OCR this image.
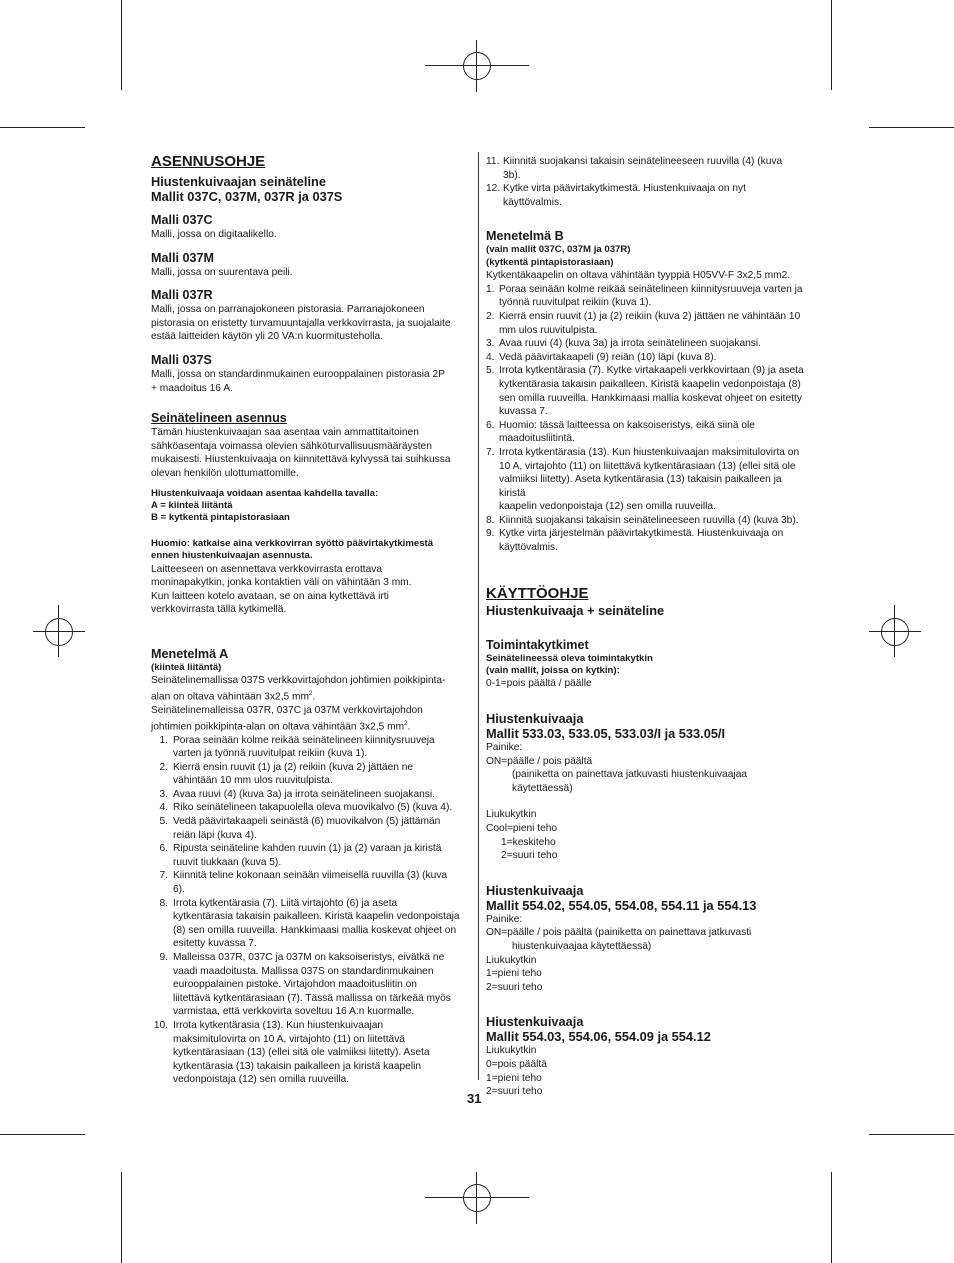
ASENNUSOHJE
Hiustenkuivaajan seinäteline
Mallit 037C, 037M, 037R ja 037S
Malli 037C
Malli, jossa on digitaalikello.
Malli 037M
Malli, jossa on suurentava peili.
Malli 037R
Malli, jossa on parranajokoneen pistorasia. Parranajokoneen
pistorasia on eristetty turvamuuntajalla verkkovirrasta, ja suojalaite
estää laitteiden käytön yli 20 VA:n kuormitusteholla.
Malli 037S
Malli, jossa on standardinmukainen eurooppalainen pistorasia 2P
+ maadoitus 16 A.
Seinätelineen asennus
Tämän hiustenkuivaajan saa asentaa vain ammattitaitoinen
sähköasentaja voimassa olevien sähköturvallisuusmääräysten
mukaisesti. Hiustenkuivaaja on kiinnitettävä kylvyssä tai suihkussa
olevan henkilön ulottumattomille.
Hiustenkuivaaja voidaan asentaa kahdella tavalla:
A = kiinteä liitäntä
B = kytkentä pintapistorasiaan
Huomio: katkaise aina verkkovirran syöttö päävirtakytkimestä
ennen hiustenkuivaajan asennusta.
Laitteeseen on asennettava verkkovirrasta erottava
moninapakytkin, jonka kontaktien väli on vähintään 3 mm.
Kun laitteen kotelo avataan, se on aina kytkettävä irti
verkkovirrasta tällä kytkimellä.
Menetelmä A
(kiinteä liitäntä)
Seinätelinemallissa 037S verkkovirtajohdon johtimien poikkipinta-
alan on oltava vähintään 3x2,5 $mm^2$.
Seinätelinemalleissa 037R, 037C ja 037M verkkovirtajohdon
johtimien poikkipinta-alan on oltava vähintään 3x2,5 $mm^2$.
1. Poraa seinään kolme reikää seinätelineen kiinnitysruuveja
varten ja työnnä ruuvitulpat reikiin (kuva 1).
2. Kierrä ensin ruuvit (1) ja (2) reikiin (kuva 2) jättäen ne
vähintään 10 mm ulos ruuvitulpista.
3. Avaa ruuvi (4) (kuva 3a) ja irrota seinätelineen suojakansi.
4. Riko seinätelineen takapuolella oleva muovikalvo (5) (kuva 4).
5. Vedä päävirtakaapeli seinästä (6) muovikalvon (5) jättämän
reiän läpi (kuva 4).
6. Ripusta seinäteline kahden ruuvin (1) ja (2) varaan ja kiristä
ruuvit tiukkaan (kuva 5).
7. Kiinnitä teline kokonaan seinään viimeisellä ruuvilla (3) (kuva
6).
8. Irrota kytkentärasia (7). Liitä virtajohto (6) ja aseta
kytkentärasia takaisin paikalleen. Kiristä kaapelin vedonpoistaja
(8) sen omilla ruuveilla. Hankkimaasi mallia koskevat ohjeet on
esitetty kuvassa 7.
9. Malleissa 037R, 037C ja 037M on kaksoiseristys, eivätkä ne
vaadi maadoitusta. Mallissa 037S on standardinmukainen
eurooppalainen pistoke. Virtajohdon maadoitusliitin on
liitettävä kytkentärasiaan (7). Tässä mallissa on tärkeää myös
varmistaa, että verkkovirta soveltuu 16 A:n kuormalle.
10. Irrota kytkentärasia (13). Kun hiustenkuivaajan
maksimitulovirta on 10 A, virtajohto (11) on liitettävä
kytkentärasiaan (13) (ellei sitä ole valmiiksi liitetty). Aseta
kytkentärasia (13) takaisin paikalleen ja kiristä kaapelin
vedonpoistaja (12) sen omilla ruuveilla.
11. Kiinnitä suojakansi takaisin seinätelineeseen ruuvilla (4) (kuva
3b).
12. Kytke virta päävirtakytkimestä. Hiustenkuivaaja on nyt
käyttövalmis.
Menetelmä B
(vain mallit 037C, 037M ja 037R)
(kytkentä pintapistorasiaan)
Kytkentäkaapelin on oltava vähintään tyyppiä H05VV-F 3x2,5 mm2.
1. Poraa seinään kolme reikää seinätelineen kiinnitysruuveja varten ja
työnnä ruuvitulpat reikiin (kuva 1).
2. Kierrä ensin ruuvit (1) ja (2) reikiin (kuva 2) jättäen ne vähintään 10
mm ulos ruuvitulpista.
3. Avaa ruuvi (4) (kuva 3a) ja irrota seinätelineen suojakansi.
4. Vedä päävirtakaapeli (9) reiän (10) läpi (kuva 8).
5. Irrota kytkentärasia (7). Kytke virtakaapeli verkkovirtaan (9) ja aseta
kytkentärasia takaisin paikalleen. Kiristä kaapelin vedonpoistaja (8)
sen omilla ruuveilla. Hankkimaasi mallia koskevat ohjeet on esitetty
kuvassa 7.
6. Huomio: tässä laitteessa on kaksoiseristys, eikä siinä ole
maadoitusliitintä.
7. Irrota kytkentärasia (13). Kun hiustenkuivaajan maksimitulovirta on
10 A, virtajohto (11) on liitettävä kytkentärasiaan (13) (ellei sitä ole
valmiiksi liitetty). Aseta kytkentärasia (13) takaisin paikalleen ja kiristä
kaapelin vedonpoistaja (12) sen omilla ruuveilla.
8. Kiinnitä suojakansi takaisin seinätelineeseen ruuvilla (4) (kuva 3b).
9. Kytke virta järjestelmän päävirtakytkimestä. Hiustenkuivaaja on
käyttövalmis.
KÄYTTÖOHJE
Hiustenkuivaaja + seinäteline
Toimintakytkimet
Seinätelineessä oleva toimintakytkin
(vain mallit, joissa on kytkin):
0-1=pois päältä / päälle
Hiustenkuivaaja
Mallit 533.03, 533.05, 533.03/I ja 533.05/I
Painike:
ON=päälle / pois päältä
(painiketta on painettava jatkuvasti hiustenkuivaajaa
käytettäessä)
Liukukytkin
Cool=pieni teho
1=keskiteho
2=suuri teho
Hiustenkuivaaja
Mallit 554.02, 554.05, 554.08, 554.11 ja 554.13
Painike:
ON=päälle / pois päältä (painiketta on painettava jatkuvasti
hiustenkuivaajaa käytettäessä)
Liukukytkin
1=pieni teho
2=suuri teho
Hiustenkuivaaja
Mallit 554.03, 554.06, 554.09 ja 554.12
Liukukytkin
0=pois päältä
1=pieni teho
2=suuri teho
31
